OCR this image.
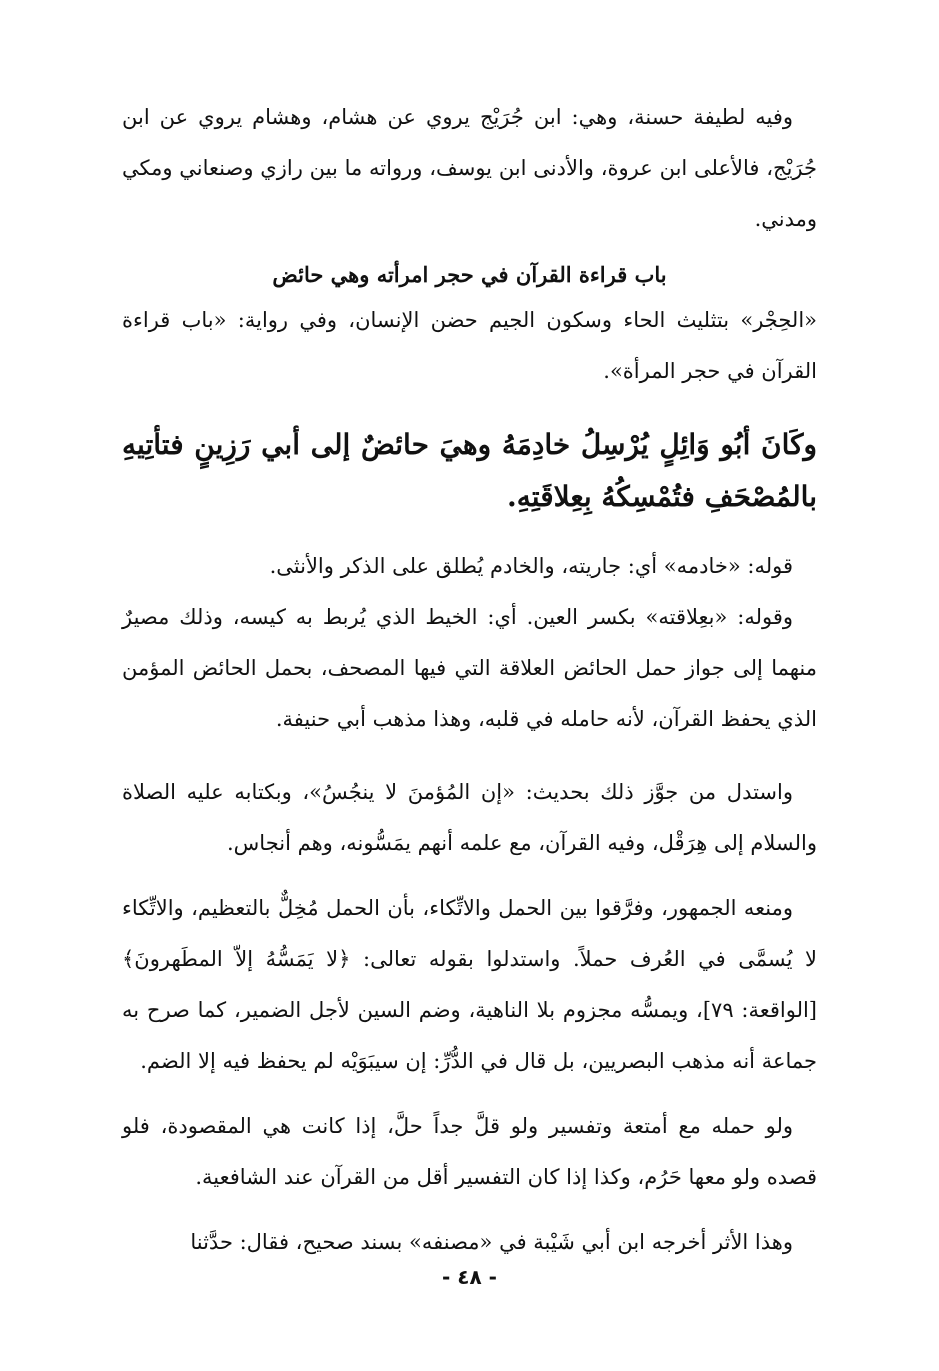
وفيه لطيفة حسنة، وهي: ابن جُرَيْج يروي عن هشام، وهشام يروي عن ابن جُرَيْج، فالأعلى ابن عروة، والأدنى ابن يوسف، ورواته ما بين رازي وصنعاني ومكي ومدني.

باب قراءة القرآن في حجر امرأته وهي حائض

«الحِجْر» بتثليث الحاء وسكون الجيم حضن الإنسان، وفي رواية: «باب قراءة القرآن في حجر المرأة».

وكَانَ أبُو وَائِلٍ يُرْسِلُ خادِمَهُ وهيَ حائضٌ إلى أبي رَزِينٍ فتأتِيهِ بالمُصْحَفِ فتُمْسِكُهُ بِعِلاقَتِهِ.

قوله: «خادمه» أي: جاريته، والخادم يُطلق على الذكر والأنثى.

وقوله: «بعِلاقته» بكسر العين. أي: الخيط الذي يُربط به كيسه، وذلك مصيرٌ منهما إلى جواز حمل الحائض العلاقة التي فيها المصحف، بحمل الحائض المؤمن الذي يحفظ القرآن، لأنه حامله في قلبه، وهذا مذهب أبي حنيفة.

واستدل من جوَّز ذلك بحديث: «إن المُؤمنَ لا ينجُسُ»، وبكتابه عليه الصلاة والسلام إلى هِرَقْل، وفيه القرآن، مع علمه أنهم يمَسُّونه، وهم أنجاس.

ومنعه الجمهور، وفرَّقوا بين الحمل والاتِّكاء، بأن الحمل مُخِلٌّ بالتعظيم، والاتِّكاء لا يُسمَّى في العُرف حملاً. واستدلوا بقوله تعالى: ﴿لا يَمَسُّهُ إلاّ المطَهرونَ﴾ [الواقعة: ٧٩]، ويمسُّه مجزوم بلا الناهية، وضم السين لأجل الضمير، كما صرح به جماعة أنه مذهب البصريين، بل قال في الدُّرِّ: إن سيبَوَيْه لم يحفظ فيه إلا الضم.

ولو حمله مع أمتعة وتفسير ولو قلَّ جداً حلَّ، إذا كانت هي المقصودة، فلو قصده ولو معها حَرُم، وكذا إذا كان التفسير أقل من القرآن عند الشافعية.

وهذا الأثر أخرجه ابن أبي شَيْبة في «مصنفه» بسند صحيح، فقال: حدَّثنا

- ٤٨ -
